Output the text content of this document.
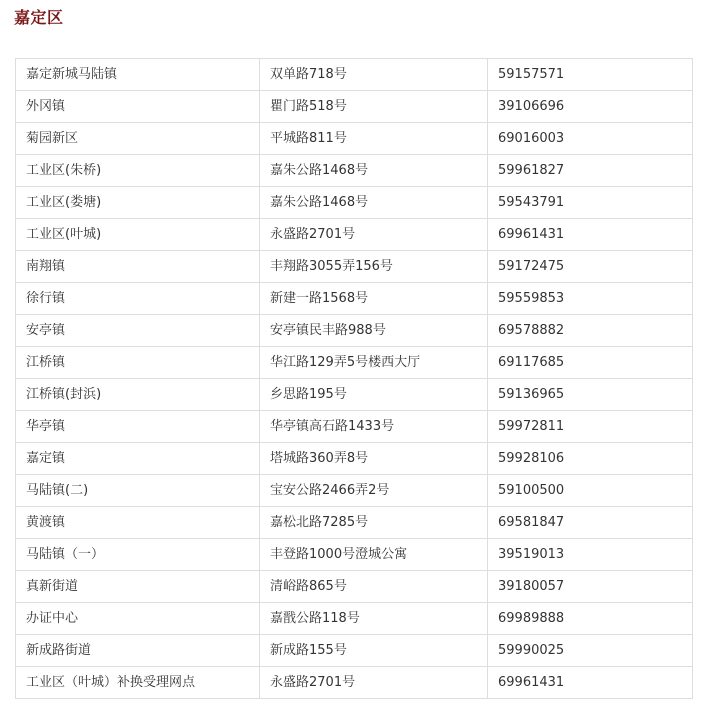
嘉定区
嘉定新城马陆镇	双单路718号	59157571
外冈镇	瞿门路518号	39106696
菊园新区	平城路811号	69016003
工业区(朱桥)	嘉朱公路1468号	59961827
工业区(娄塘)	嘉朱公路1468号	59543791
工业区(叶城)	永盛路2701号	69961431
南翔镇	丰翔路3055弄156号	59172475
徐行镇	新建一路1568号	59559853
安亭镇	安亭镇民丰路988号	69578882
江桥镇	华江路129弄5号楼西大厅	69117685
江桥镇(封浜)	乡思路195号	59136965
华亭镇	华亭镇高石路1433号	59972811
嘉定镇	塔城路360弄8号	59928106
马陆镇(二)	宝安公路2466弄2号	59100500
黄渡镇	嘉松北路7285号	69581847
马陆镇（一）	丰登路1000号澄城公寓	39519013
真新街道	清峪路865号	39180057
办证中心	嘉戬公路118号	69989888
新成路街道	新成路155号	59990025
工业区（叶城）补换受理网点	永盛路2701号	69961431
